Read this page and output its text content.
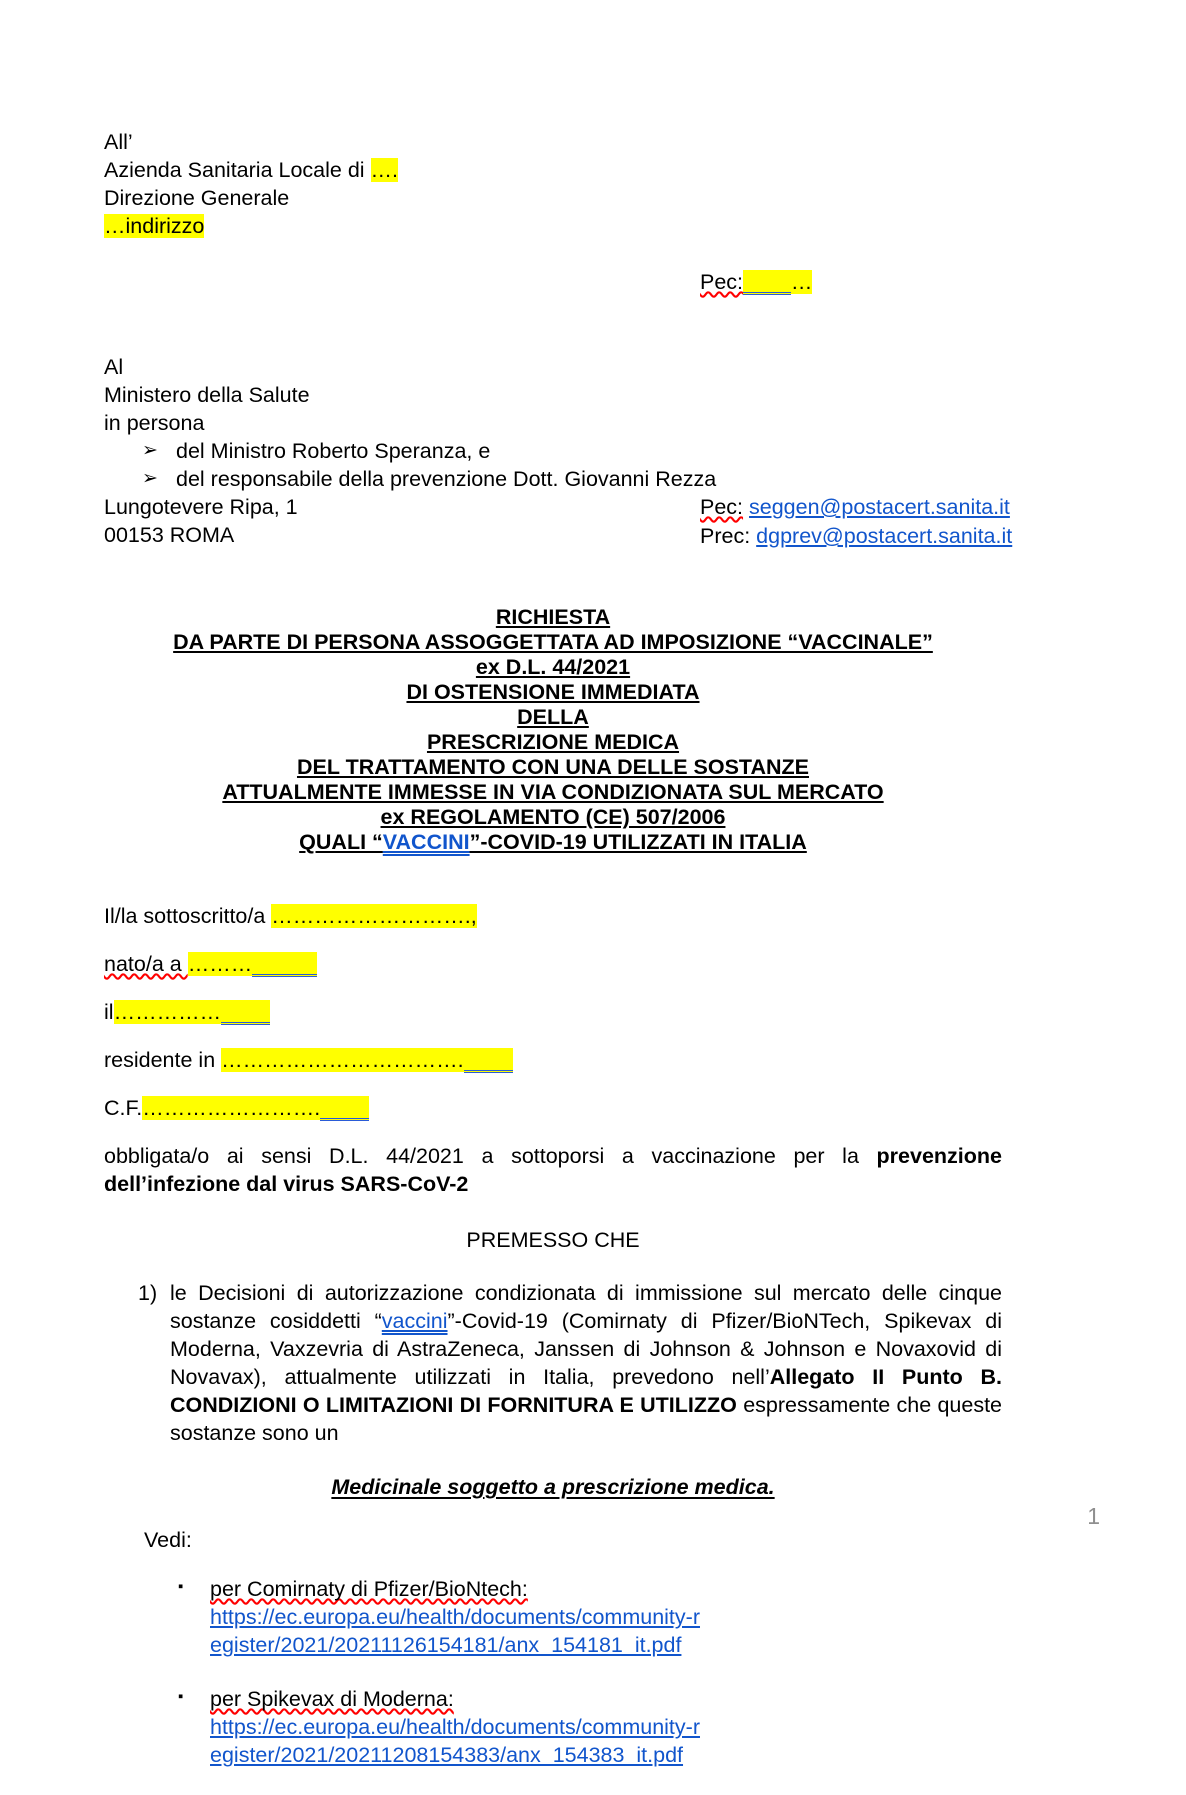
All’
Azienda Sanitaria Locale di ….
Direzione Generale
…indirizzo
Pec: …
Al
Ministero della Salute
in persona
➢ del Ministro Roberto Speranza, e
➢ del responsabile della prevenzione Dott. Giovanni Rezza
Lungotevere Ripa, 1
00153 ROMA
Pec: seggen@postacert.sanita.it
Prec: dgprev@postacert.sanita.it
RICHIESTA
DA PARTE DI PERSONA ASSOGGETTATA AD IMPOSIZIONE “VACCINALE”
ex D.L. 44/2021
DI OSTENSIONE IMMEDIATA
DELLA
PRESCRIZIONE MEDICA
DEL TRATTAMENTO CON UNA DELLE SOSTANZE
ATTUALMENTE IMMESSE IN VIA CONDIZIONATA SUL MERCATO
ex REGOLAMENTO (CE) 507/2006
QUALI “VACCINI”-COVID-19 UTILIZZATI IN ITALIA
Il/la sottoscritto/a ……………………….,
nato/a a ………
il……………
residente in …………………………….
C.F.…………………….
obbligata/o ai sensi D.L. 44/2021 a sottoporsi a vaccinazione per la prevenzione dell’infezione dal virus SARS-CoV-2
PREMESSO CHE
1) le Decisioni di autorizzazione condizionata di immissione sul mercato delle cinque sostanze cosiddetti “vaccini”-Covid-19 (Comirnaty di Pfizer/BioNTech, Spikevax di Moderna, Vaxzevria di AstraZeneca, Janssen di Johnson & Johnson e Novaxovid di Novavax), attualmente utilizzati in Italia, prevedono nell’Allegato II Punto B. CONDIZIONI O LIMITAZIONI DI FORNITURA E UTILIZZO espressamente che queste sostanze sono un
Medicinale soggetto a prescrizione medica.
Vedi:
▪ per Comirnaty di Pfizer/BioNtech:
https://ec.europa.eu/health/documents/community-register/2021/20211126154181/anx_154181_it.pdf
▪ per Spikevax di Moderna:
https://ec.europa.eu/health/documents/community-register/2021/20211208154383/anx_154383_it.pdf
1
